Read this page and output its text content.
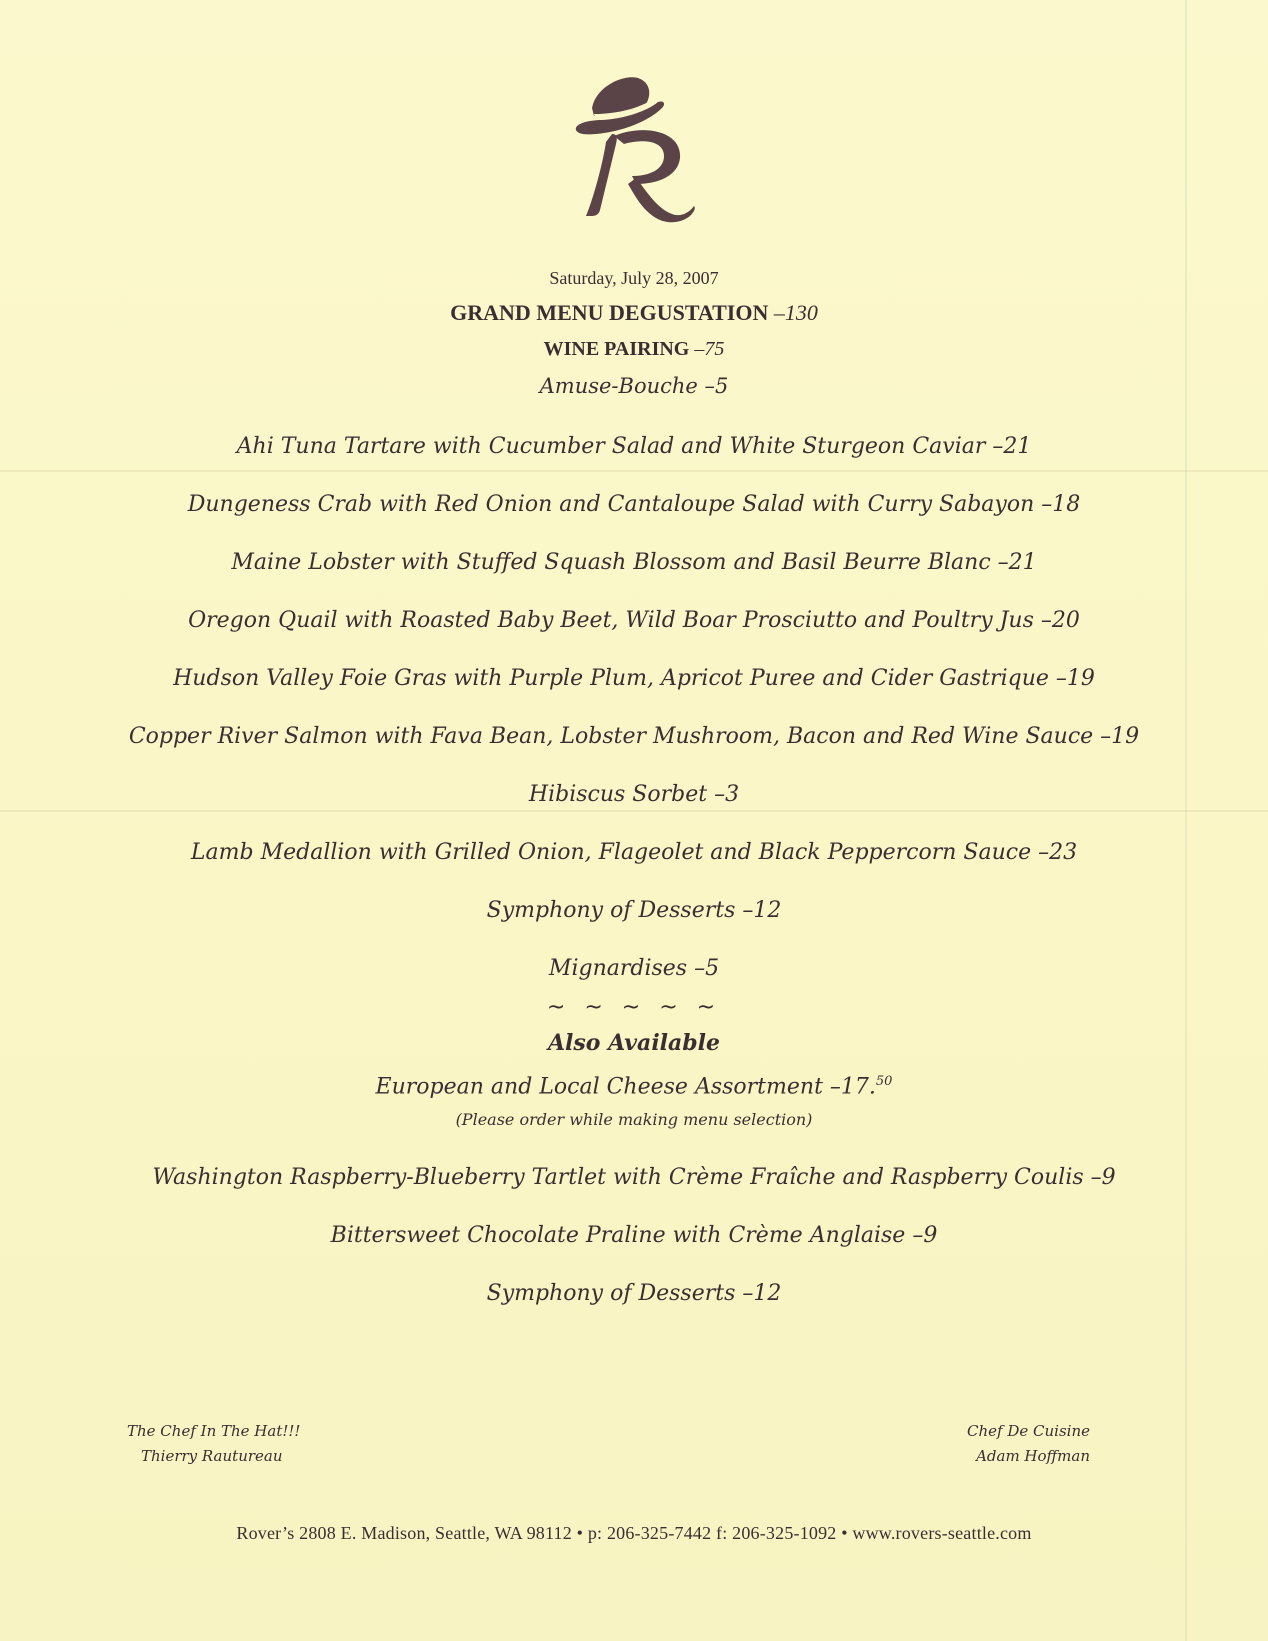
Saturday, July 28, 2007
GRAND MENU DEGUSTATION –130
WINE PAIRING –75
Amuse-Bouche –5
Ahi Tuna Tartare with Cucumber Salad and White Sturgeon Caviar –21
Dungeness Crab with Red Onion and Cantaloupe Salad with Curry Sabayon –18
Maine Lobster with Stuffed Squash Blossom and Basil Beurre Blanc –21
Oregon Quail with Roasted Baby Beet, Wild Boar Prosciutto and Poultry Jus –20
Hudson Valley Foie Gras with Purple Plum, Apricot Puree and Cider Gastrique –19
Copper River Salmon with Fava Bean, Lobster Mushroom, Bacon and Red Wine Sauce –19
Hibiscus Sorbet –3
Lamb Medallion with Grilled Onion, Flageolet and Black Peppercorn Sauce –23
Symphony of Desserts –12
Mignardises –5
~ ~ ~ ~ ~
Also Available
European and Local Cheese Assortment –17.50
(Please order while making menu selection)
Washington Raspberry-Blueberry Tartlet with Crème Fraîche and Raspberry Coulis –9
Bittersweet Chocolate Praline with Crème Anglaise –9
Symphony of Desserts –12
The Chef In The Hat!!!
Thierry Rautureau
Chef De Cuisine
Adam Hoffman
Rover’s 2808 E. Madison, Seattle, WA 98112 • p: 206-325-7442 f: 206-325-1092 • www.rovers-seattle.com
